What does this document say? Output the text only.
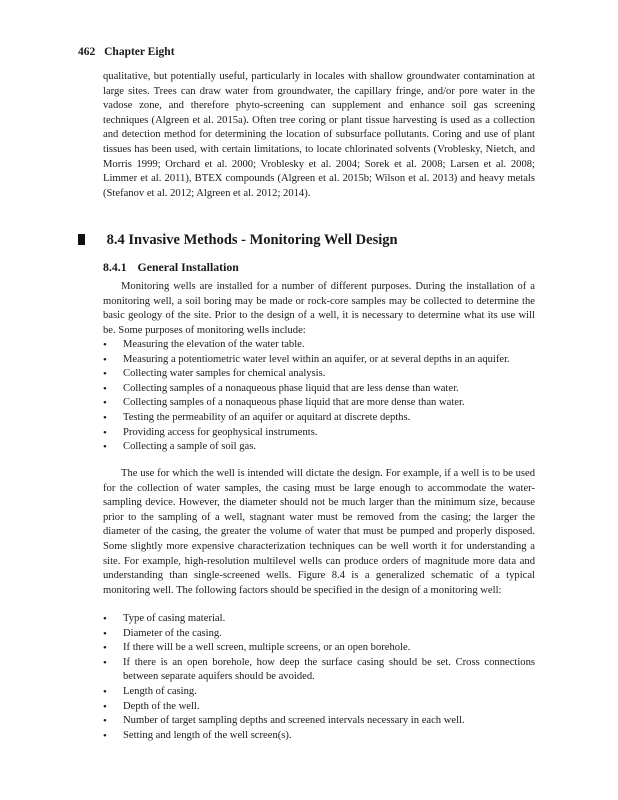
462 Chapter Eight

qualitative, but potentially useful, particularly in locales with shallow groundwater contamination at large sites. Trees can draw water from groundwater, the capillary fringe, and/or pore water in the vadose zone, and therefore phyto-screening can supplement and enhance soil gas screening techniques (Algreen et al. 2015a). Often tree coring or plant tissue harvesting is used as a collection and detection method for determining the location of subsurface pollutants. Coring and use of plant tissues has been used, with certain limitations, to locate chlorinated solvents (Vroblesky, Nietch, and Morris 1999; Orchard et al. 2000; Vroblesky et al. 2004; Sorek et al. 2008; Larsen et al. 2008; Limmer et al. 2011), BTEX compounds (Algreen et al. 2015b; Wilson et al. 2013) and heavy metals (Stefanov et al. 2012; Algreen et al. 2012; 2014).

8.4 Invasive Methods - Monitoring Well Design
8.4.1 General Installation

Monitoring wells are installed for a number of different purposes. During the installation of a monitoring well, a soil boring may be made or rock-core samples may be collected to determine the basic geology of the site. Prior to the design of a well, it is necessary to determine what its use will be. Some purposes of monitoring wells include:

• Measuring the elevation of the water table.
• Measuring a potentiometric water level within an aquifer, or at several depths in an aquifer.
• Collecting water samples for chemical analysis.
• Collecting samples of a nonaqueous phase liquid that are less dense than water.
• Collecting samples of a nonaqueous phase liquid that are more dense than water.
• Testing the permeability of an aquifer or aquitard at discrete depths.
• Providing access for geophysical instruments.
• Collecting a sample of soil gas.

The use for which the well is intended will dictate the design. For example, if a well is to be used for the collection of water samples, the casing must be large enough to accommodate the water-sampling device. However, the diameter should not be much larger than the minimum size, because prior to the sampling of a well, stagnant water must be removed from the casing; the larger the diameter of the casing, the greater the volume of water that must be pumped and properly disposed. Some slightly more expensive characterization techniques can be well worth it for understanding a site. For example, high-resolution multilevel wells can produce orders of magnitude more data and understanding than single-screened wells. Figure 8.4 is a generalized schematic of a typical monitoring well. The following factors should be specified in the design of a monitoring well:

• Type of casing material.
• Diameter of the casing.
• If there will be a well screen, multiple screens, or an open borehole.
• If there is an open borehole, how deep the surface casing should be set. Cross connections between separate aquifers should be avoided.
• Length of casing.
• Depth of the well.
• Number of target sampling depths and screened intervals necessary in each well.
• Setting and length of the well screen(s).
